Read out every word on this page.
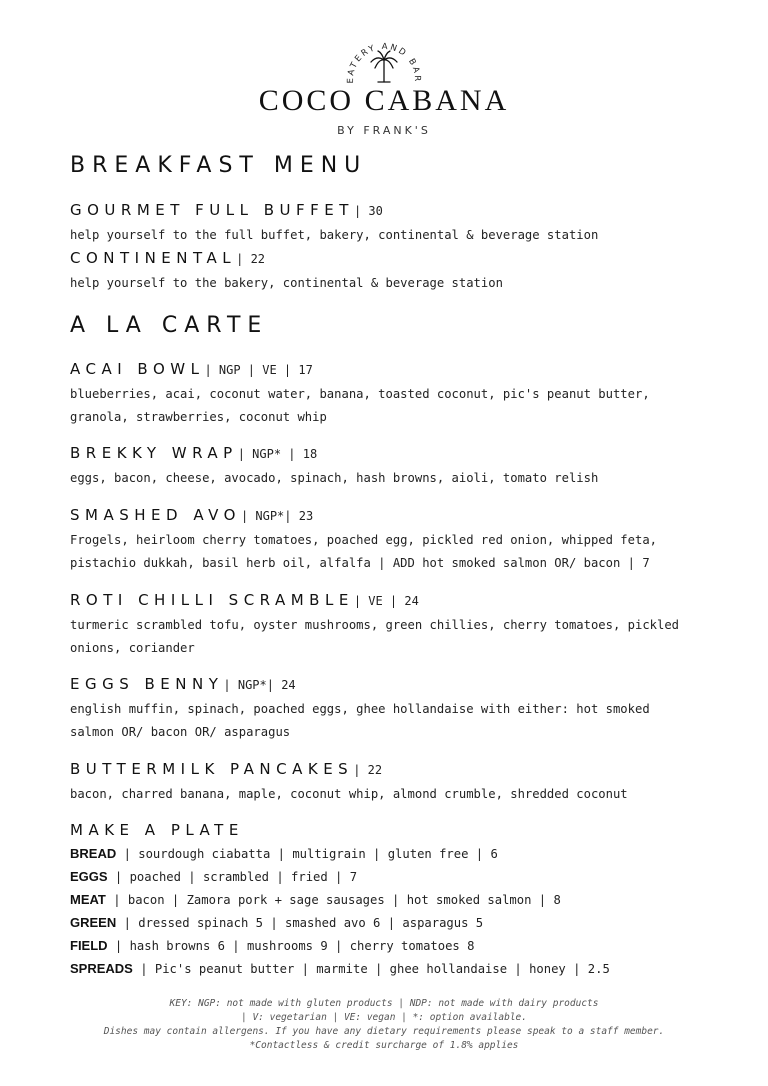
EATERY AND BAR
COCO CABANA
BY FRANK'S
BREAKFAST MENU
GOURMET FULL BUFFET| 30
help yourself to the full buffet, bakery, continental & beverage station
CONTINENTAL| 22
help yourself to the bakery, continental & beverage station
A LA CARTE
ACAI BOWL| NGP | VE | 17
blueberries, acai, coconut water, banana, toasted coconut, pic's peanut butter, granola, strawberries, coconut whip
BREKKY WRAP| NGP* | 18
eggs, bacon, cheese, avocado, spinach, hash browns, aioli, tomato relish
SMASHED AVO| NGP*| 23
Frogels, heirloom cherry tomatoes, poached egg, pickled red onion, whipped feta, pistachio dukkah, basil herb oil, alfalfa | ADD hot smoked salmon OR/ bacon | 7
ROTI CHILLI SCRAMBLE| VE | 24
turmeric scrambled tofu, oyster mushrooms, green chillies, cherry tomatoes, pickled onions, coriander
EGGS BENNY| NGP*| 24
english muffin, spinach, poached eggs, ghee hollandaise with either: hot smoked salmon OR/ bacon OR/ asparagus
BUTTERMILK PANCAKES| 22
bacon, charred banana, maple, coconut whip, almond crumble, shredded coconut
MAKE A PLATE
BREAD | sourdough ciabatta | multigrain | gluten free | 6
EGGS | poached | scrambled | fried | 7
MEAT | bacon | Zamora pork + sage sausages | hot smoked salmon | 8
GREEN | dressed spinach 5 | smashed avo 6 | asparagus 5
FIELD | hash browns 6 | mushrooms 9 | cherry tomatoes 8
SPREADS | Pic's peanut butter | marmite | ghee hollandaise | honey | 2.5
KEY: NGP: not made with gluten products | NDP: not made with dairy products
| V: vegetarian | VE: vegan | *: option available.
Dishes may contain allergens. If you have any dietary requirements please speak to a staff member.
*Contactless & credit surcharge of 1.8% applies
